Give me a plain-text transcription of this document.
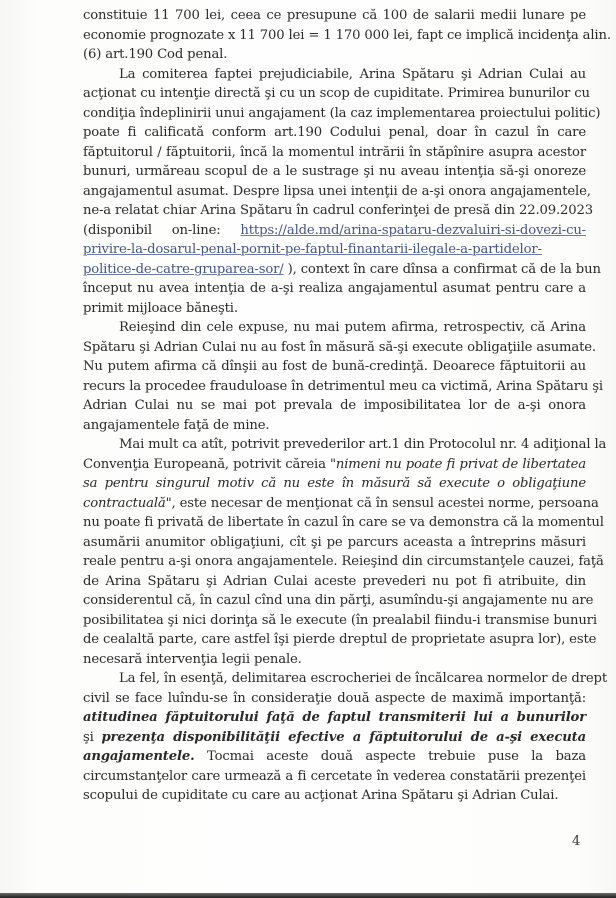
constituie 11 700 lei, ceea ce presupune că 100 de salarii medii lunare pe
economie prognozate x 11 700 lei = 1 170 000 lei, fapt ce implică incidenţa alin.
(6) art.190 Cod penal.
La comiterea faptei prejudiciabile, Arina Spătaru şi Adrian Culai au
acţionat cu intenţie directă şi cu un scop de cupiditate. Primirea bunurilor cu
condiţia îndeplinirii unui angajament (la caz implementarea proiectului politic)
poate fi calificată conform art.190 Codului penal, doar în cazul în care
făptuitorul / făptuitorii, încă la momentul intrării în stăpînire asupra acestor
bunuri, urmăreau scopul de a le sustrage şi nu aveau intenţia să-şi onoreze
angajamentul asumat. Despre lipsa unei intenţii de a-şi onora angajamentele,
ne-a relatat chiar Arina Spătaru în cadrul conferinţei de presă din 22.09.2023
(disponibil on-line: https://alde.md/arina-spataru-dezvaluiri-si-dovezi-cu-
privire-la-dosarul-penal-pornit-pe-faptul-finantarii-ilegale-a-partidelor-
politice-de-catre-gruparea-sor/ ), context în care dînsa a confirmat că de la bun
început nu avea intenţia de a-şi realiza angajamentul asumat pentru care a
primit mijloace băneşti.
Reieşind din cele expuse, nu mai putem afirma, retrospectiv, că Arina
Spătaru şi Adrian Culai nu au fost în măsură să-şi execute obligaţiile asumate.
Nu putem afirma că dînşii au fost de bună-credinţă. Deoarece făptuitorii au
recurs la procedee frauduloase în detrimentul meu ca victimă, Arina Spătaru şi
Adrian Culai nu se mai pot prevala de imposibilitatea lor de a-şi onora
angajamentele faţă de mine.
Mai mult ca atît, potrivit prevederilor art.1 din Protocolul nr. 4 adiţional la
Convenţia Europeană, potrivit căreia "nimeni nu poate fi privat de libertatea
sa pentru singurul motiv că nu este în măsură să execute o obligaţiune
contractuală", este necesar de menţionat că în sensul acestei norme, persoana
nu poate fi privată de libertate în cazul în care se va demonstra că la momentul
asumării anumitor obligaţiuni, cît şi pe parcurs aceasta a întreprins măsuri
reale pentru a-şi onora angajamentele. Reieşind din circumstanţele cauzei, faţă
de Arina Spătaru şi Adrian Culai aceste prevederi nu pot fi atribuite, din
considerentul că, în cazul cînd una din părţi, asumîndu-şi angajamente nu are
posibilitatea şi nici dorinţa să le execute (în prealabil fiindu-i transmise bunuri
de cealaltă parte, care astfel îşi pierde dreptul de proprietate asupra lor), este
necesară intervenţia legii penale.
La fel, în esenţă, delimitarea escrocheriei de încălcarea normelor de drept
civil se face luîndu-se în consideraţie două aspecte de maximă importanţă:
atitudinea făptuitorului faţă de faptul transmiterii lui a bunurilor
şi prezenţa disponibilităţii efective a făptuitorului de a-şi executa
angajamentele. Tocmai aceste două aspecte trebuie puse la baza
circumstanţelor care urmează a fi cercetate în vederea constatării prezenţei
scopului de cupiditate cu care au acţionat Arina Spătaru şi Adrian Culai.
4
